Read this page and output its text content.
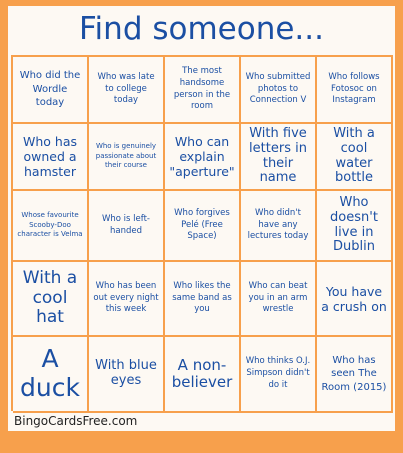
Find someone...
Who did the Wordle today
Who was late to college today
The most handsome person in the room
Who submitted photos to Connection V
Who follows Fotosoc on Instagram
Who has owned a hamster
Who is genuinely passionate about their course
Who can explain "aperture"
With five letters in their name
With a cool water bottle
Whose favourite Scooby-Doo character is Velma
Who is left-handed
Who forgives Pelé (Free Space)
Who didn't have any lectures today
Who doesn't live in Dublin
With a cool hat
Who has been out every night this week
Who likes the same band as you
Who can beat you in an arm wrestle
You have a crush on
A duck
With blue eyes
A non-believer
Who thinks O.J. Simpson didn't do it
Who has seen The Room (2015)
BingoCardsFree.com
